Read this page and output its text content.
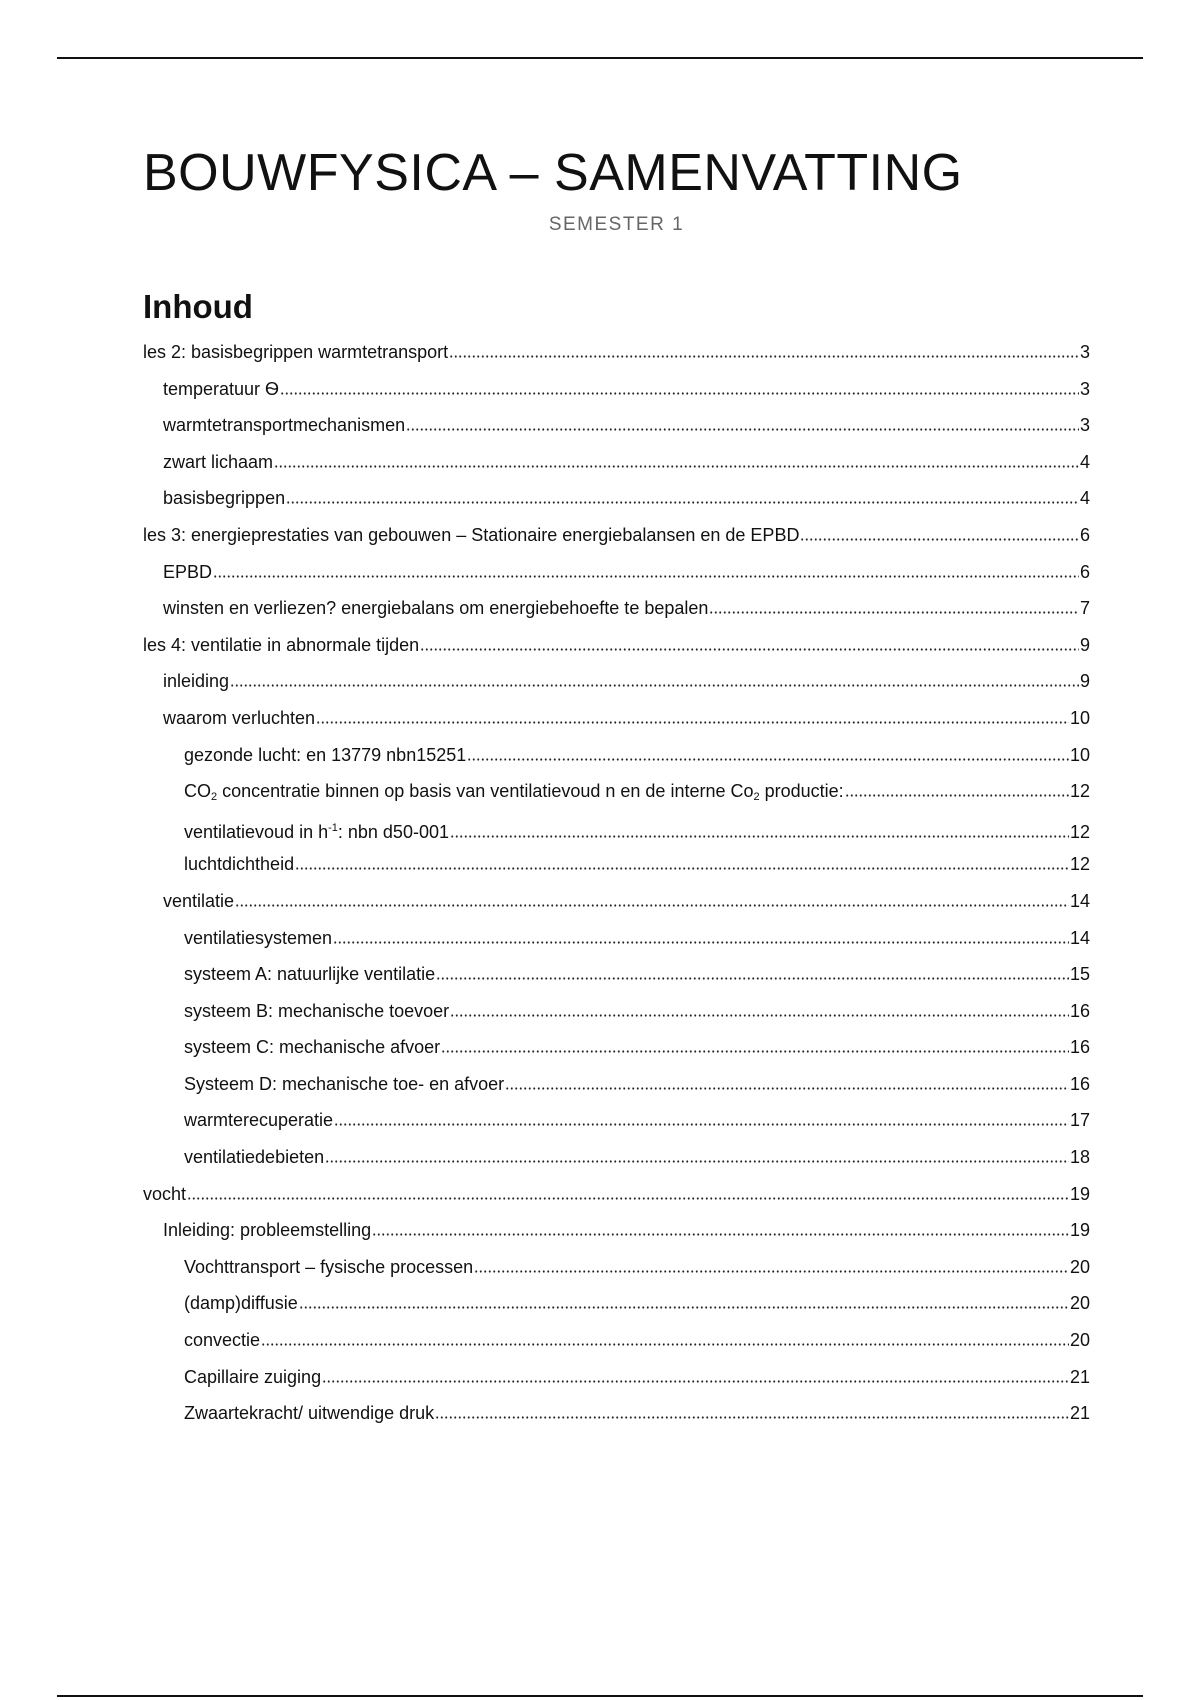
BOUWFYSICA – SAMENVATTING
SEMESTER 1
Inhoud
les 2: basisbegrippen warmtetransport	3
temperatuur Ѳ	3
warmtetransportmechanismen	3
zwart lichaam	4
basisbegrippen	4
les 3: energieprestaties van gebouwen – Stationaire energiebalansen en de EPBD	6
EPBD	6
winsten en verliezen? energiebalans om energiebehoefte te bepalen	7
les 4: ventilatie in abnormale tijden	9
inleiding	9
waarom verluchten	10
gezonde lucht: en 13779 nbn15251	10
$CO_2$ concentratie binnen op basis van ventilatievoud n en de interne $Co_2$ productie:	12
ventilatievoud in $h^{-1}$: nbn d50-001	12
luchtdichtheid	12
ventilatie	14
ventilatiesystemen	14
systeem A: natuurlijke ventilatie	15
systeem B: mechanische toevoer	16
systeem C: mechanische afvoer	16
Systeem D: mechanische toe- en afvoer	16
warmterecuperatie	17
ventilatiedebieten	18
vocht	19
Inleiding: probleemstelling	19
Vochttransport – fysische processen	20
(damp)diffusie	20
convectie	20
Capillaire zuiging	21
Zwaartekracht/ uitwendige druk	21
